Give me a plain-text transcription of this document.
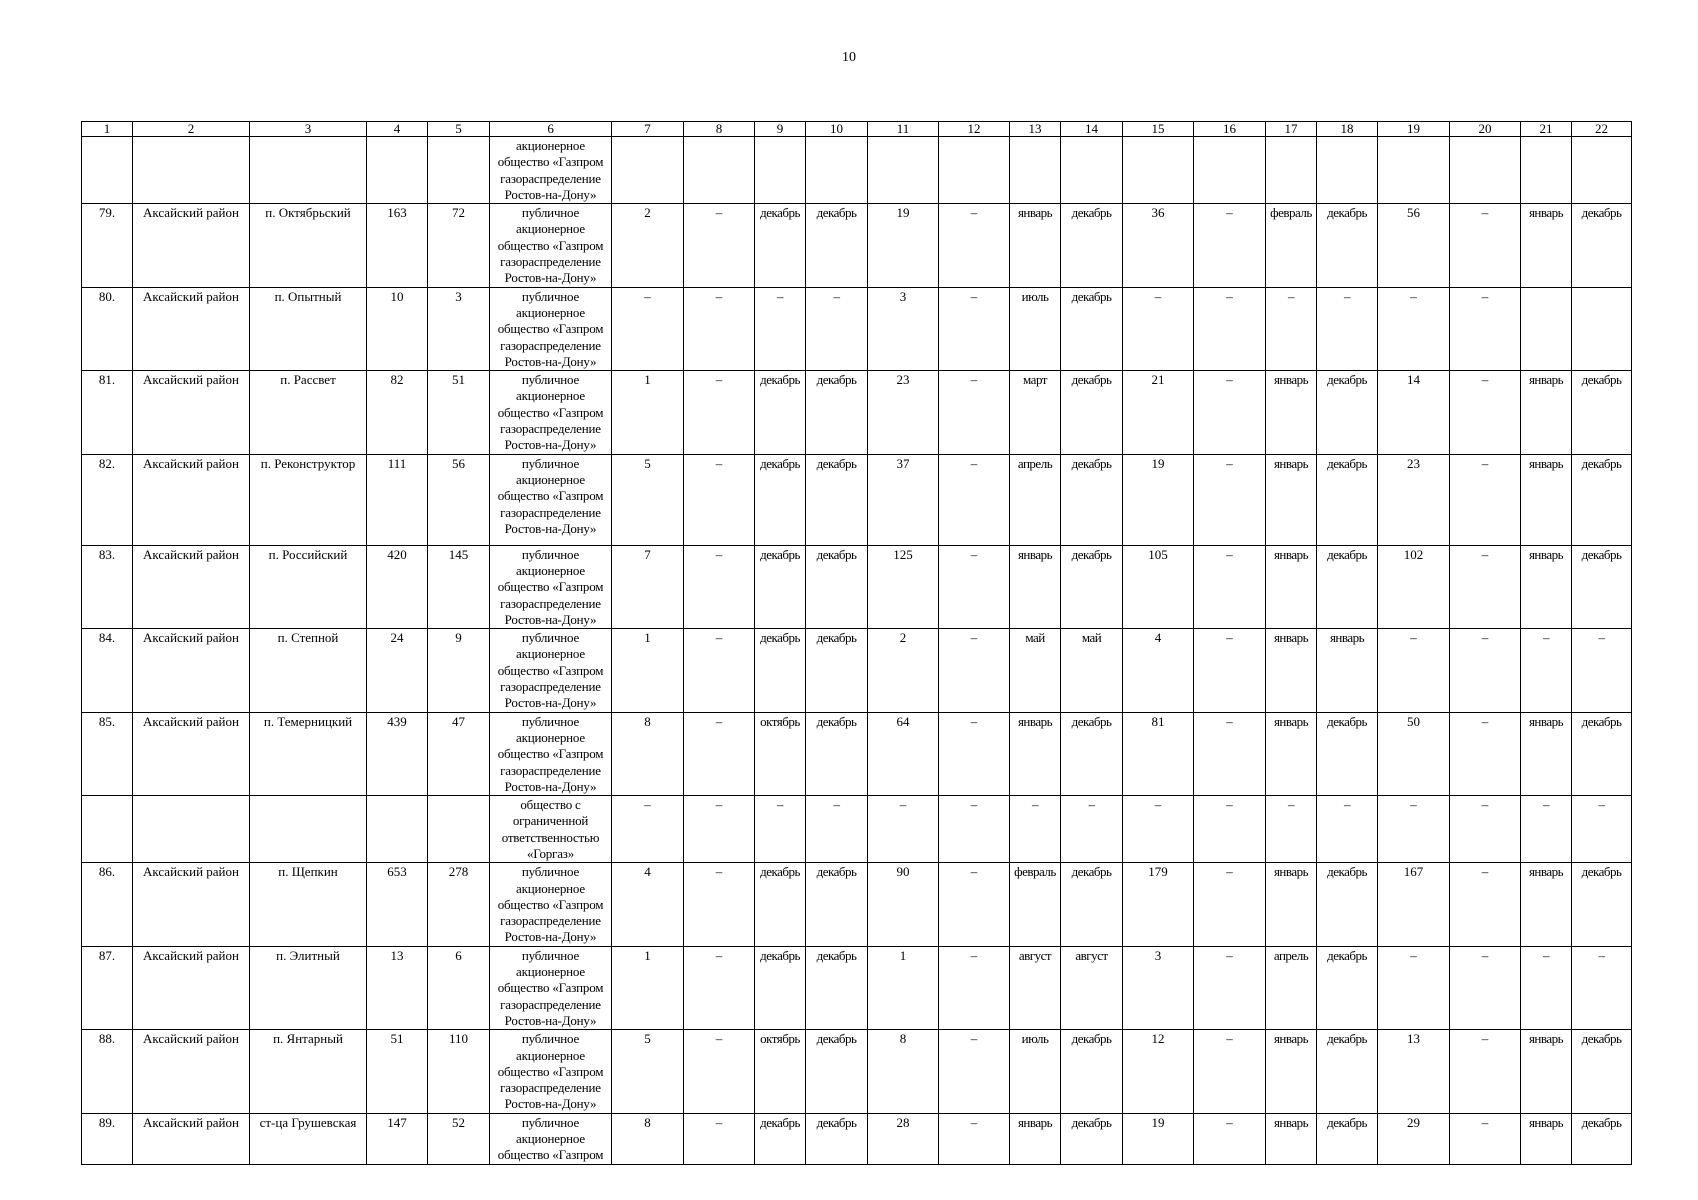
10
1	2	3	4	5	6	7	8	9	10	11	12	13	14	15	16	17	18	19	20	21	22
					акционерное общество «Газпром газораспределение Ростов-на-Дону»																
79.	Аксайский район	п. Октябрьский	163	72	публичное акционерное общество «Газпром газораспределение Ростов-на-Дону»	2	–	декабрь	декабрь	19	–	январь	декабрь	36	–	февраль	декабрь	56	–	январь	декабрь
80.	Аксайский район	п. Опытный	10	3	публичное акционерное общество «Газпром газораспределение Ростов-на-Дону»	–	–	–	–	3	–	июль	декабрь	–	–	–	–	–	–		
81.	Аксайский район	п. Рассвет	82	51	публичное акционерное общество «Газпром газораспределение Ростов-на-Дону»	1	–	декабрь	декабрь	23	–	март	декабрь	21	–	январь	декабрь	14	–	январь	декабрь
82.	Аксайский район	п. Реконструктор	111	56	публичное акционерное общество «Газпром газораспределение Ростов-на-Дону»	5	–	декабрь	декабрь	37	–	апрель	декабрь	19	–	январь	декабрь	23	–	январь	декабрь
83.	Аксайский район	п. Российский	420	145	публичное акционерное общество «Газпром газораспределение Ростов-на-Дону»	7	–	декабрь	декабрь	125	–	январь	декабрь	105	–	январь	декабрь	102	–	январь	декабрь
84.	Аксайский район	п. Степной	24	9	публичное акционерное общество «Газпром газораспределение Ростов-на-Дону»	1	–	декабрь	декабрь	2	–	май	май	4	–	январь	январь	–	–	–	–
85.	Аксайский район	п. Темерницкий	439	47	публичное акционерное общество «Газпром газораспределение Ростов-на-Дону»	8	–	октябрь	декабрь	64	–	январь	декабрь	81	–	январь	декабрь	50	–	январь	декабрь
					общество с ограниченной ответственностью «Горгаз»	–	–	–	–	–	–	–	–	–	–	–	–	–	–	–	–
86.	Аксайский район	п. Щепкин	653	278	публичное акционерное общество «Газпром газораспределение Ростов-на-Дону»	4	–	декабрь	декабрь	90	–	февраль	декабрь	179	–	январь	декабрь	167	–	январь	декабрь
87.	Аксайский район	п. Элитный	13	6	публичное акционерное общество «Газпром газораспределение Ростов-на-Дону»	1	–	декабрь	декабрь	1	–	август	август	3	–	апрель	декабрь	–	–	–	–
88.	Аксайский район	п. Янтарный	51	110	публичное акционерное общество «Газпром газораспределение Ростов-на-Дону»	5	–	октябрь	декабрь	8	–	июль	декабрь	12	–	январь	декабрь	13	–	январь	декабрь
89.	Аксайский район	ст-ца Грушевская	147	52	публичное акционерное общество «Газпром	8	–	декабрь	декабрь	28	–	январь	декабрь	19	–	январь	декабрь	29	–	январь	декабрь
